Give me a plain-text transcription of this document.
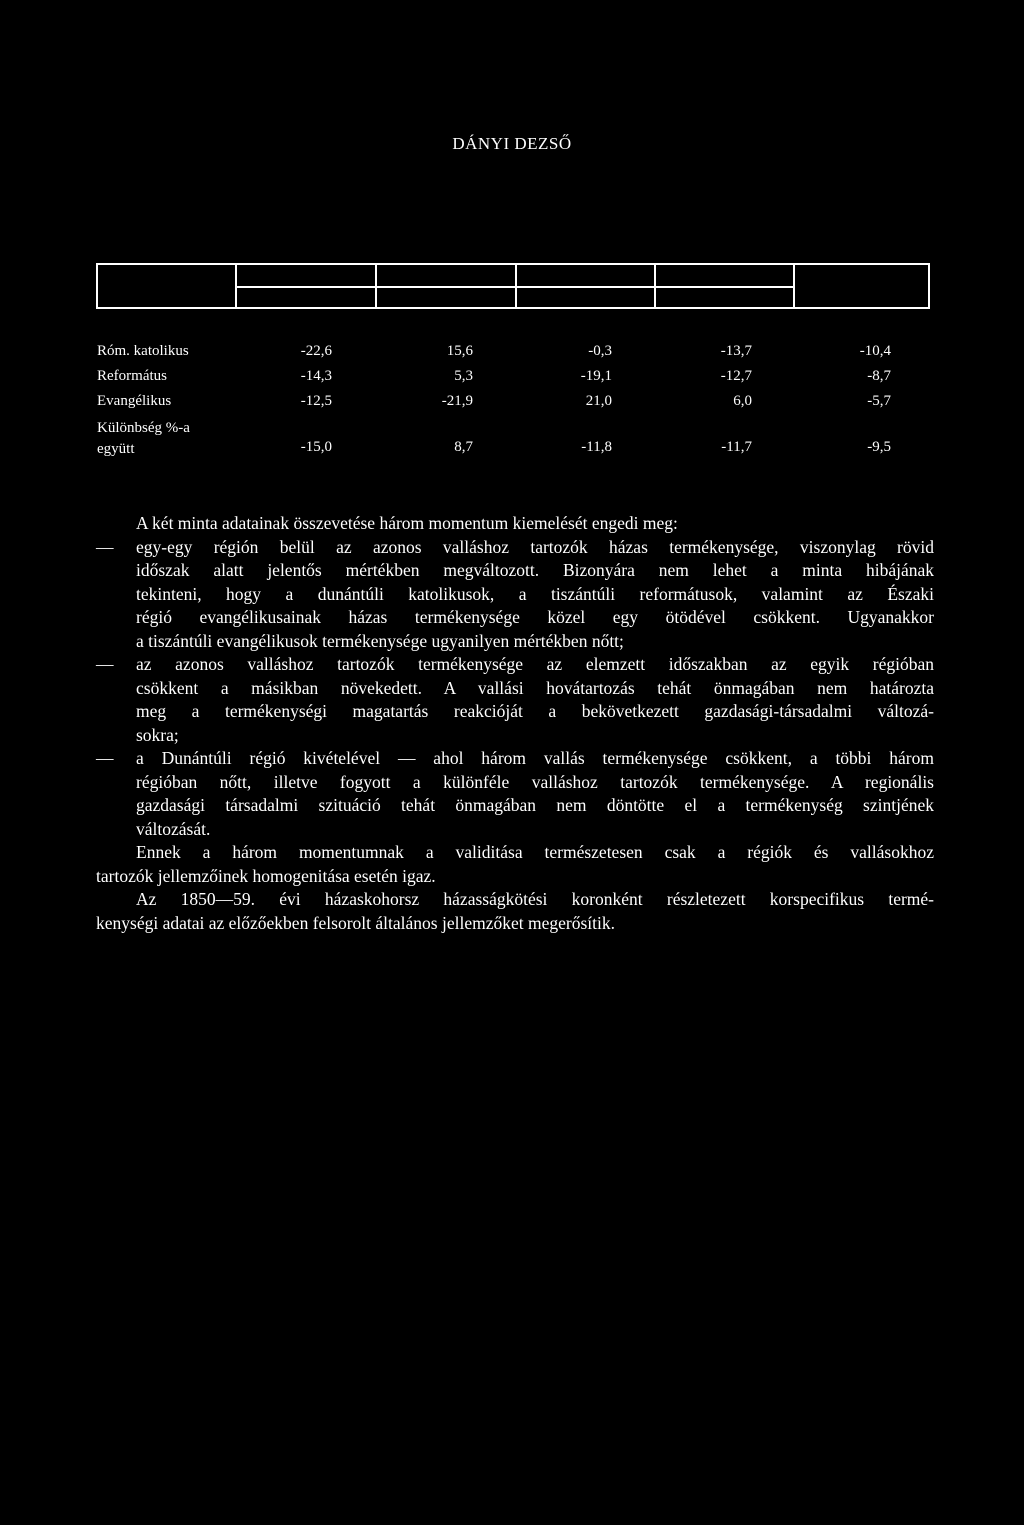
DÁNYI DEZSŐ
Róm. katolikus	-22,6	15,6	-0,3	-13,7	-10,4
Református	-14,3	5,3	-19,1	-12,7	-8,7
Evangélikus	-12,5	-21,9	21,0	6,0	-5,7
Különbség %-a
együtt	-15,0	8,7	-11,8	-11,7	-9,5
A két minta adatainak összevetése három momentum kiemelését engedi meg:
— egy-egy régión belül az azonos valláshoz tartozók házas termékenysége, viszonylag rövid
időszak alatt jelentős mértékben megváltozott. Bizonyára nem lehet a minta hibájának
tekinteni, hogy a dunántúli katolikusok, a tiszántúli reformátusok, valamint az Északi
régió evangélikusainak házas termékenysége közel egy ötödével csökkent. Ugyanakkor
a tiszántúli evangélikusok termékenysége ugyanilyen mértékben nőtt;
— az azonos valláshoz tartozók termékenysége az elemzett időszakban az egyik régióban
csökkent a másikban növekedett. A vallási hovátartozás tehát önmagában nem határozta
meg a termékenységi magatartás reakcióját a bekövetkezett gazdasági-társadalmi változá-
sokra;
— a Dunántúli régió kivételével — ahol három vallás termékenysége csökkent, a többi három
régióban nőtt, illetve fogyott a különféle valláshoz tartozók termékenysége. A regionális
gazdasági társadalmi szituáció tehát önmagában nem döntötte el a termékenység szintjének
változását.
Ennek a három momentumnak a validitása természetesen csak a régiók és vallásokhoz
tartozók jellemzőinek homogenitása esetén igaz.
Az 1850—59. évi házaskohorsz házasságkötési koronként részletezett korspecifikus termé-
kenységi adatai az előzőekben felsorolt általános jellemzőket megerősítik.
